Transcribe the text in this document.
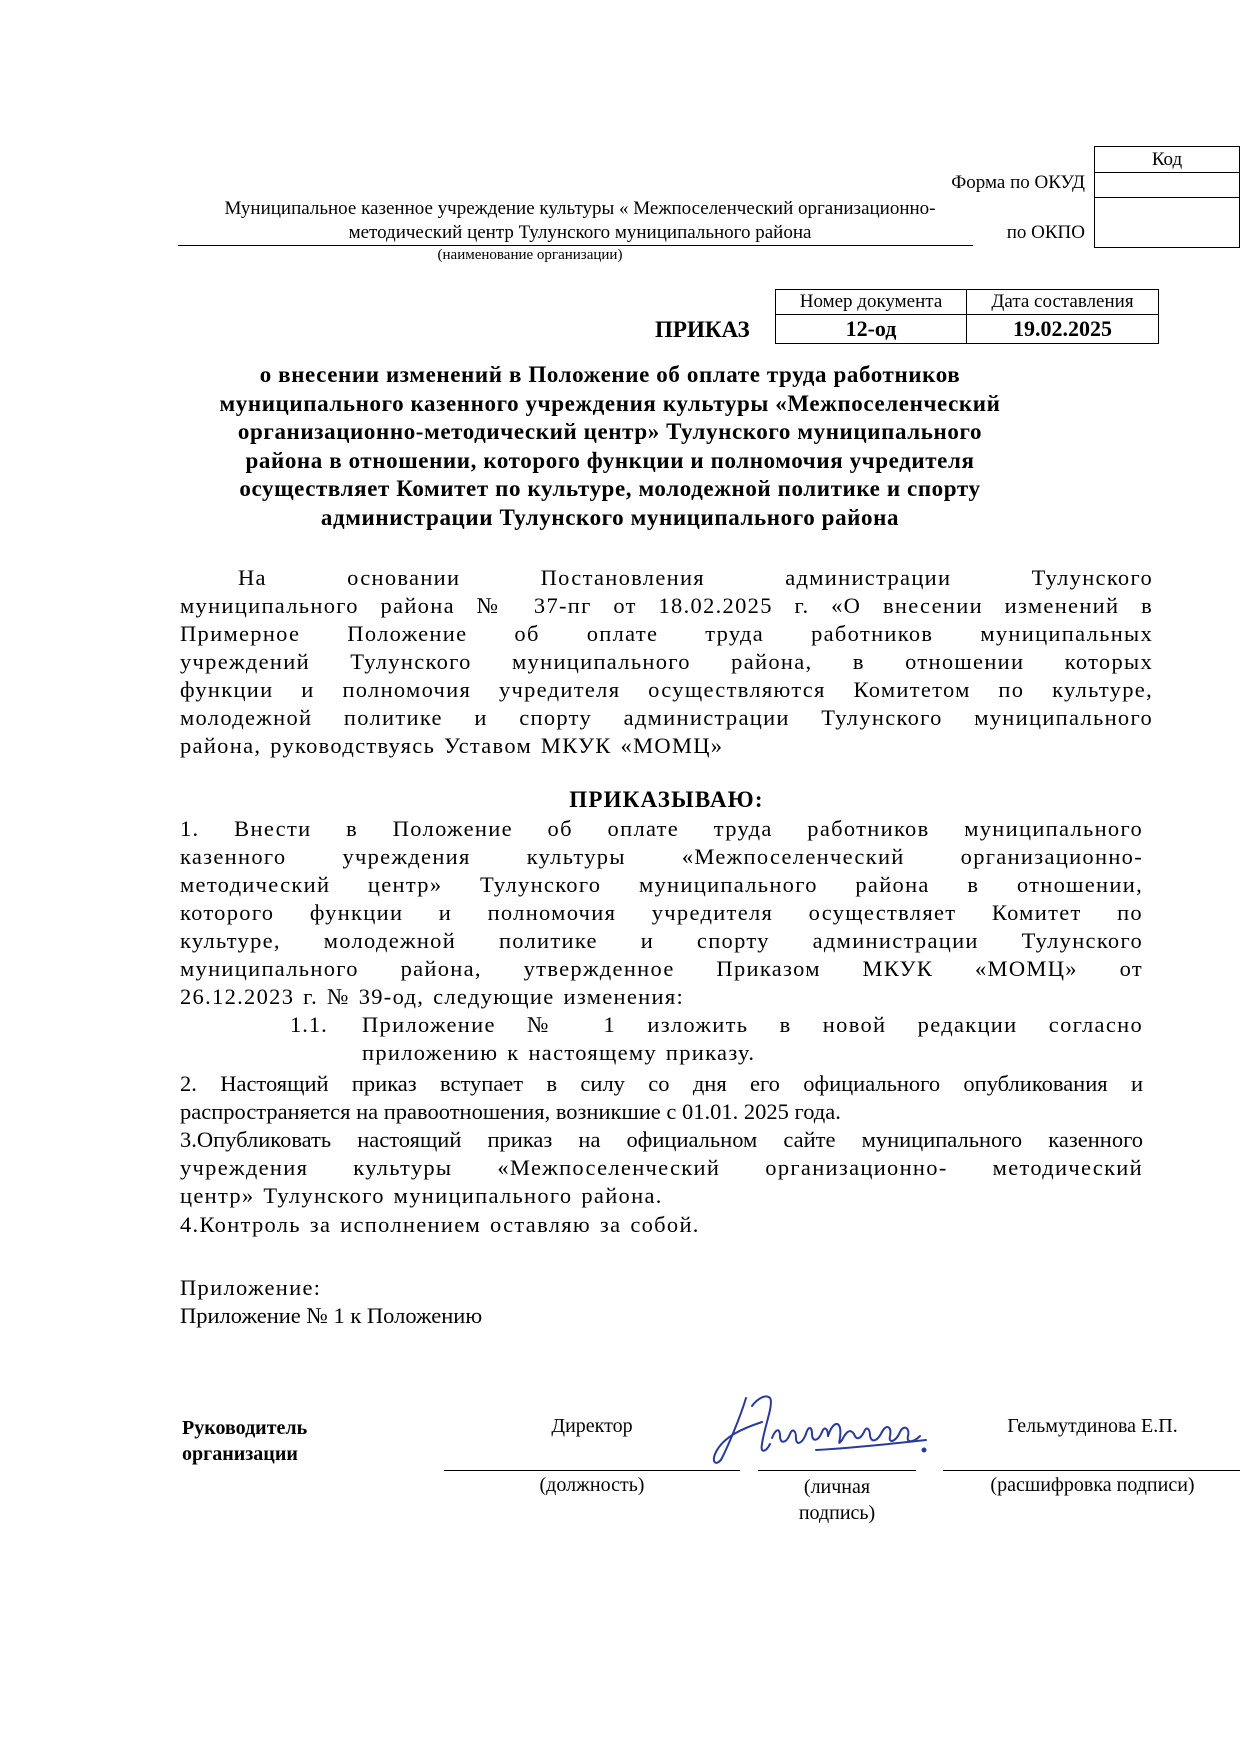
Код

Форма по ОКУД
по ОКПО
Муниципальное казенное учреждение культуры « Межпоселенческий организационно-
методический центр Тулунского муниципального района
(наименование организации)
ПРИКАЗ
Номер документа	Дата составления
12-од	19.02.2025
о внесении изменений в Положение об оплате труда работников
муниципального казенного учреждения культуры «Межпоселенческий
организационно-методический центр» Тулунского муниципального
района в отношении, которого функции и полномочия учредителя
осуществляет Комитет по культуре, молодежной политике и спорту
администрации Тулунского муниципального района
На основании Постановления администрации Тулунского
муниципального района № 37-пг от 18.02.2025 г. «О внесении изменений в
Примерное Положение об оплате труда работников муниципальных
учреждений Тулунского муниципального района, в отношении которых
функции и полномочия учредителя осуществляются Комитетом по культуре,
молодежной политике и спорту администрации Тулунского муниципального
района, руководствуясь Уставом МКУК «МОМЦ»
ПРИКАЗЫВАЮ:
1. Внести в Положение об оплате труда работников муниципального
казенного учреждения культуры «Межпоселенческий организационно-
методический центр» Тулунского муниципального района в отношении,
которого функции и полномочия учредителя осуществляет Комитет по
культуре, молодежной политике и спорту администрации Тулунского
муниципального района, утвержденное Приказом МКУК «МОМЦ» от
26.12.2023 г. № 39-од, следующие изменения:
1.1. Приложение № 1 изложить в новой редакции согласно
приложению к настоящему приказу.
2. Настоящий приказ вступает в силу со дня его официального опубликования и
распространяется на правоотношения, возникшие с 01.01. 2025 года.
3.Опубликовать настоящий приказ на официальном сайте муниципального казенного
учреждения культуры «Межпоселенческий организационно- методический
центр» Тулунского муниципального района.
4.Контроль за исполнением оставляю за собой.
Приложение:
Приложение № 1 к Положению
Руководитель
организации
Директор	Гельмутдинова Е.П.
(должность)	(личная
подпись)
(расшифровка подписи)
